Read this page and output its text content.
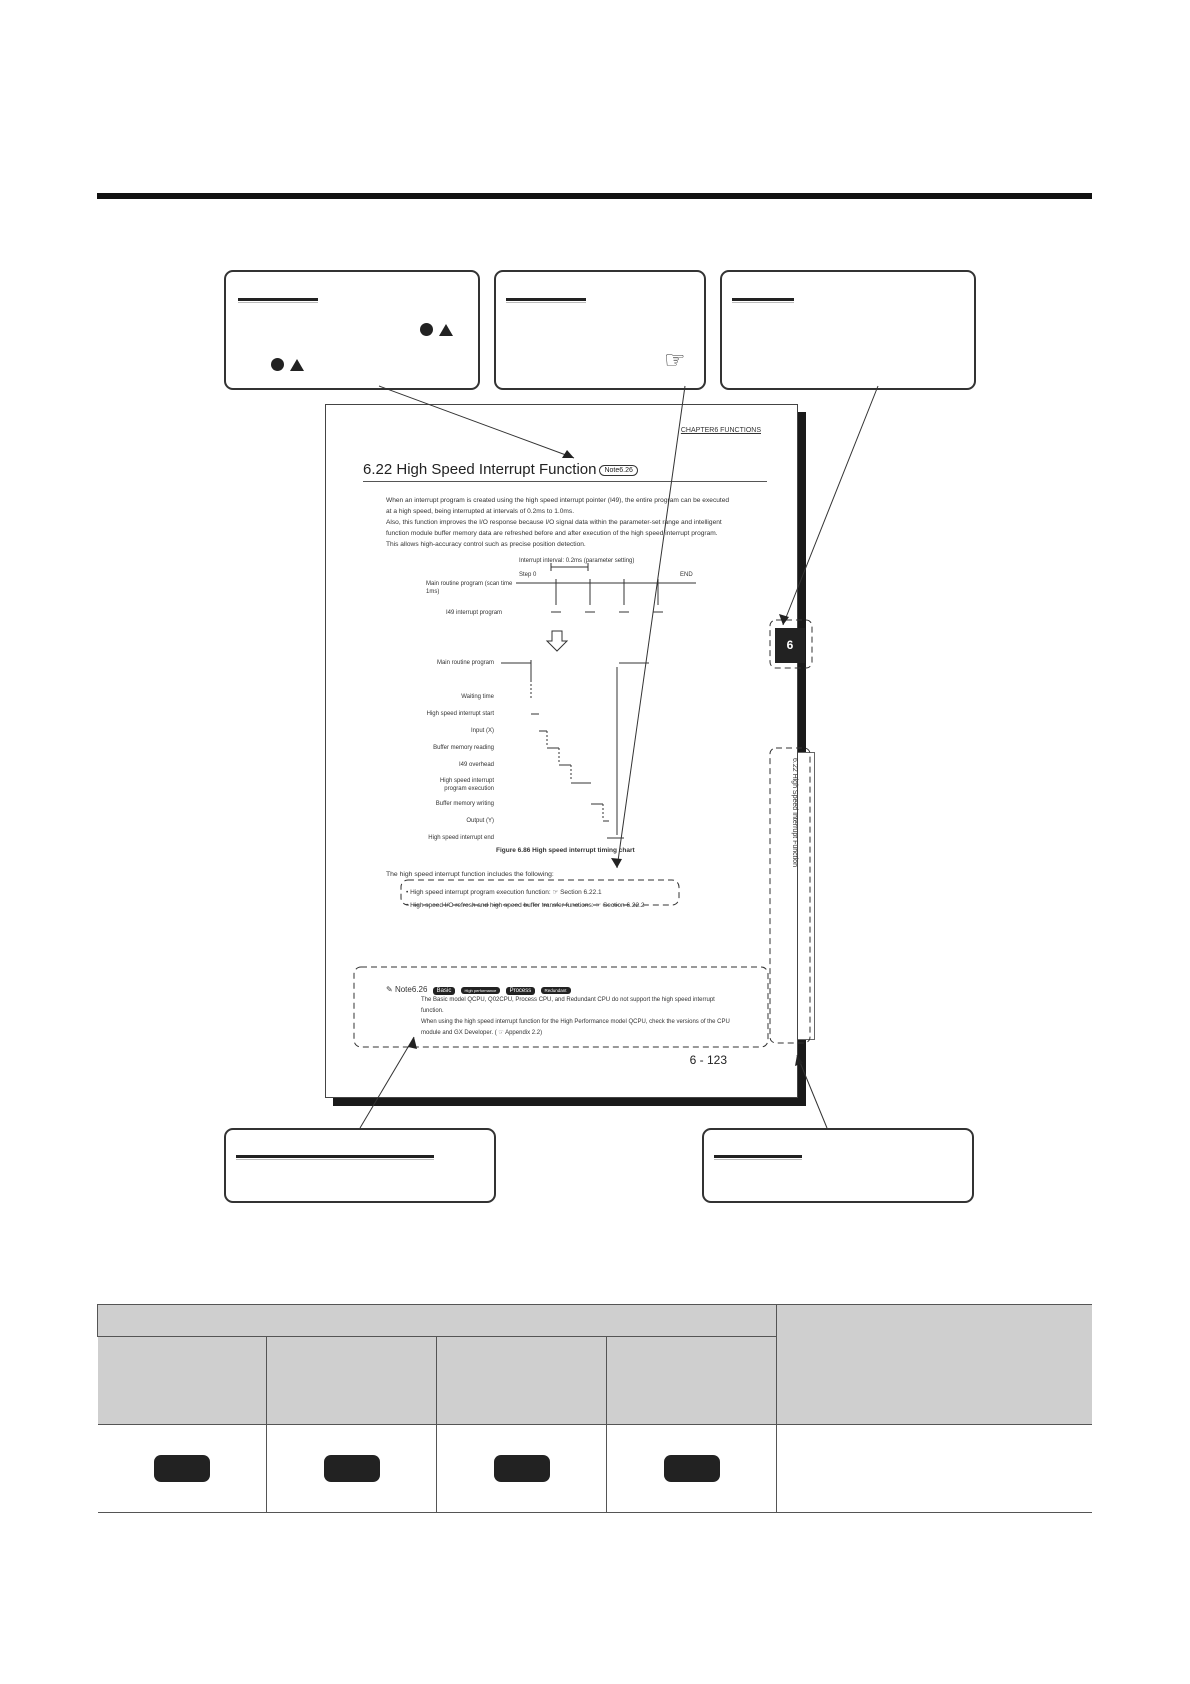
☞
CHAPTER6 FUNCTIONS
6.22 High Speed Interrupt Function Note6.26

When an interrupt program is created using the high speed interrupt pointer (I49), the entire program can be executed
at a high speed, being interrupted at intervals of 0.2ms to 1.0ms.
Also, this function improves the I/O response because I/O signal data within the parameter-set range and intelligent
function module buffer memory data are refreshed before and after execution of the high speed interrupt program.
This allows high-accuracy control such as precise position detection.

Interrupt interval: 0.2ms (parameter setting)
Step 0	END
Main routine program (scan time 1ms)
I49 interrupt program
Main routine program
Waiting time
High speed interrupt start
Input (X)
Buffer memory reading
I49 overhead
High speed interrupt program execution
Buffer memory writing
Output (Y)
High speed interrupt end
Figure 6.86 High speed interrupt timing chart
The high speed interrupt function includes the following:
• High speed interrupt program execution function: ☞ Section 6.22.1
• High speed I/O refresh and high speed buffer transfer functions: ☞ Section 6.22.2
✎ Note6.26 Basic	High performance Process	Redundant

The Basic model QCPU, Q02CPU, Process CPU, and Redundant CPU do not support the high speed interrupt
function.
When using the high speed interrupt function for the High Performance model QCPU, check the versions of the CPU
module and GX Developer. ( ☞ Appendix 2.2)

6 - 123
6.22 High Speed Interrupt Function
6
